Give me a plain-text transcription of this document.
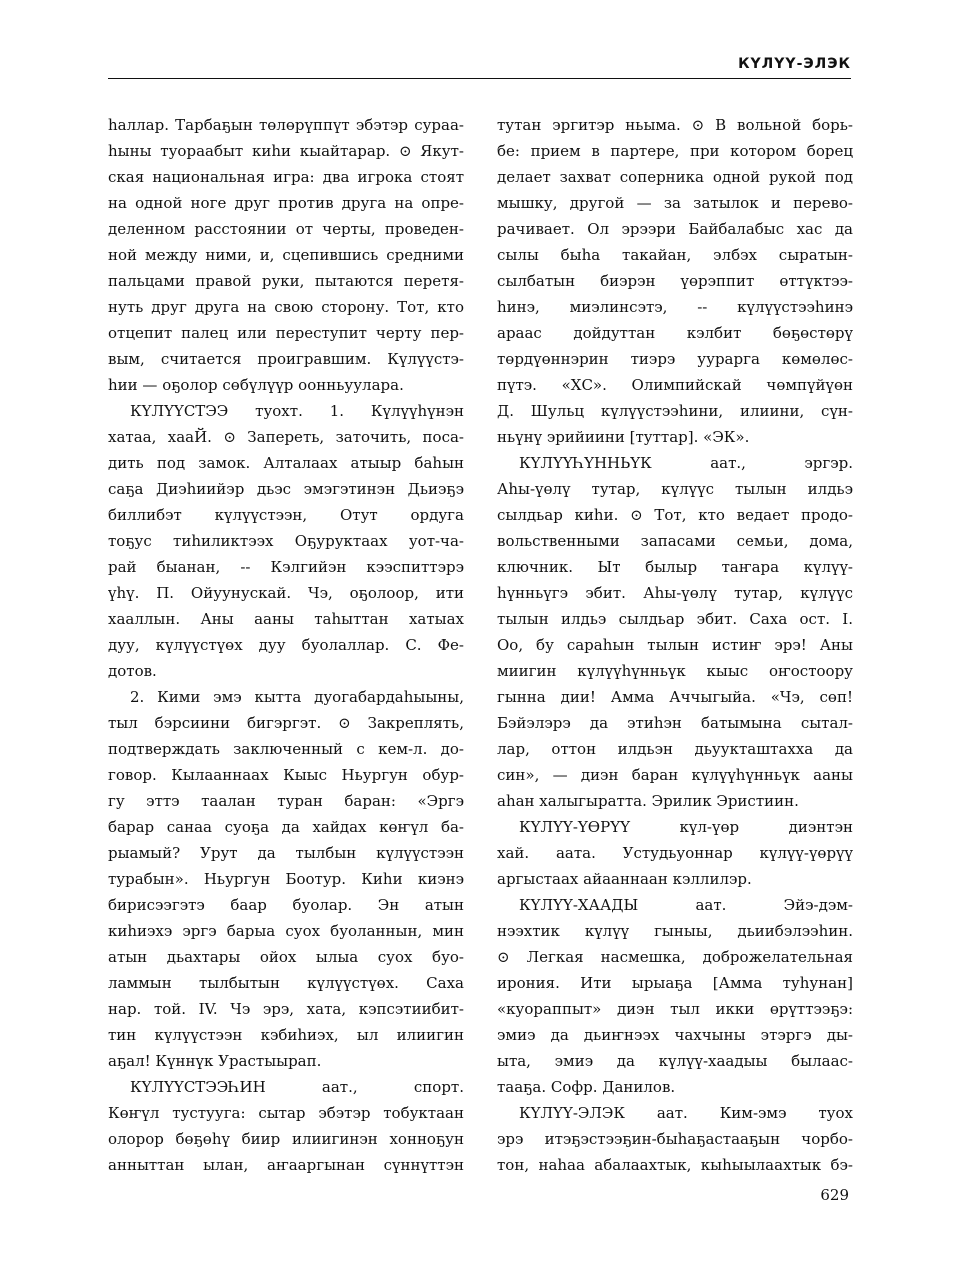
КҮЛҮҮ-ЭЛЭК
һаллар. Тарбаҕын төлөрүппүт эбэтэр сураа-
һыны туораабыт киһи кыайтарар. ⊙ Якут-
ская национальная игра: два игрока стоят
на одной ноге друг против друга на опре-
деленном расстоянии от черты, проведен-
ной между ними, и, сцепившись средними
пальцами правой руки, пытаются перетя-
нуть друг друга на свою сторону. Тот, кто
отцепит палец или переступит черту пер-
вым, считается проигравшим. Күлүүстэ-
һии — оҕолор сөбүлүүр оонньуулара.
КҮЛҮҮСТЭЭ туохт. 1. Күлүүһүнэн
хатаа, хааЙ. ⊙ Запереть, заточить, поса-
дить под замок. Алталаах атыыр баһын
саҕа Диэһиийэр дьэс эмэгэтинэн Дьиэҕэ
биллибэт күлүүстээн, Отут ордуга
тоҕус тиһиликтээх Оҕуруктаах уот-ча-
рай быанан, -- Кэлгийэн кээспиттэрэ
үһү. П. Ойуунускай. Чэ, оҕолоор, ити
хааллын. Аны ааны таһыттан хатыах
дуу, күлүүстүөх дуу буолаллар. С. Фе-
дотов.
2. Кими эмэ кытта дуогабардаһыыны,
тыл бэрсиини бигэргэт. ⊙ Закреплять,
подтверждать заключенный с кем-л. до-
говор. Кылааннаах Кыыс Ньургун обур-
гу эттэ таалан туран баран: «Эргэ
барар санаа суоҕа да хайдах көҥүл ба-
рыамый? Урут да тылбын күлүүстээн
турабын». Ньургун Боотур. Киһи киэнэ
бирисээгэтэ баар буолар. Эн атын
киһиэхэ эргэ барыа суох буоланнын, мин
атын дьахтары ойох ылыа суох буо-
ламмын тылбытын күлүүстүөх. Саха
нар. той. IV. Чэ эрэ, хата, кэпсэтиибит-
тин күлүүстээн кэбиһиэх, ыл илиигин
аҕал! Күннүк Урастыырап.
КҮЛҮҮСТЭЭҺИН аат., спорт.
Көҥүл тустууга: сытар эбэтэр тобуктаан
олорор бөҕөһү биир илиигинэн хонноҕун
анныттан ылан, аҥааргынан сүннүттэн
тутан эргитэр ньыма. ⊙ В вольной борь-
бе: прием в партере, при котором борец
делает захват соперника одной рукой под
мышку, другой — за затылок и перево-
рачивает. Ол эрээри Байбалабыс хас да
сылы быһа такайан, элбэх сыратын-
сылбатын биэрэн үөрэппит өттүктээ-
һинэ, миэлинсэтэ, -- күлүүстээһинэ
араас дойдуттан кэлбит бөҕөстөрү
төрдүөннэрин тиэрэ уурарга көмөлөс-
пүтэ. «ХС». Олимпийскай чөмпүйүөн
Д. Шульц күлүүстээһини, илиини, сүн-
ньүнү эрийиини [туттар]. «ЭК».
КҮЛҮҮҺҮННЬҮК аат., эргэр.
Аһы-үөлү тутар, күлүүс тылын илдьэ
сылдьар киһи. ⊙ Тот, кто ведает продо-
вольственными запасами семьи, дома,
ключник. Ыт былыр таҥара күлүү-
һүнньүгэ эбит. Аһы-үөлү тутар, күлүүс
тылын илдьэ сылдьар эбит. Саха ост. I.
Оо, бу сараһын тылын истиҥ эрэ! Аны
миигин күлүүһүнньүк кыыс оҥостоору
гынна дии! Амма Аччыгыйа. «Чэ, сөп!
Бэйэлэрэ да этиһэн батымына сытал-
лар, оттон илдьэн дьуукташтахха да
син», — диэн баран күлүүһүнньүк ааны
аһан халыгыратта. Эрилик Эристиин.
КҮЛҮҮ-ҮӨРҮҮ күл-үөр диэнтэн
хай. аата. Устудьуоннар күлүү-үөрүү
аргыстаах айааннаан кэллилэр.
КҮЛҮҮ-ХААДЫ аат. Эйэ-дэм-
нээхтик күлүү гыныы, дьиибэлээһин.
⊙ Легкая насмешка, доброжелательная
ирония. Ити ырыаҕа [Амма туһунан]
«куораппыт» диэн тыл икки өрүттээҕэ:
эмиэ да дьиҥнээх чахчыны этэргэ ды-
ыта, эмиэ да күлүү-хаадыы былаас-
тааҕа. Софр. Данилов.
КҮЛҮҮ-ЭЛЭК аат. Ким-эмэ туох
эрэ итэҕэстээҕин-быһаҕастааҕын чорбо-
тон, наһаа абалаахтык, кыһыылаахтык бэ-
629
